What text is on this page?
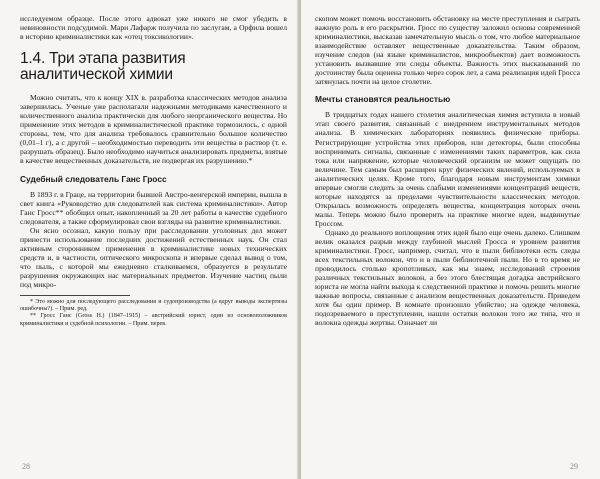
исследуемом образце. После этого адвокат уже никого не смог убедить в невиновности подсудимой. Мари Лафарж получила по заслугам, а Орфила вошел в историю криминалистики как «отец токсикологии».

1.4. Три этапа развития аналитической химии

Можно считать, что к концу XIX в. разработка классических методов анализа завершилась. Ученые уже располагали надежными методиками качественного и количественного анализа практически для любого неорганического вещества. Но применение этих методов в криминалистической практике тормозилось, с одной стороны, тем, что для анализа требовалось сравнительно большое количество (0,01–1 г), а с другой – необходимостью переводить эти вещества в раствор (т. е. разрушать образец). Было необходимо научиться анализировать предметы, взятые в качестве вещественных доказательств, не подвергая их разрушению.*

Судебный следователь Ганс Гросс

В 1893 г. в Граце, на территории бывшей Австро-венгерской империи, вышла в свет книга «Руководство для следователей как система криминалистики». Автор Ганс Гросс** обобщил опыт, накопленный за 20 лет работы в качестве судебного следователя, а также сформулировал свои взгляды на развитие криминалистики.

Он ясно осознал, какую пользу при расследовании уголовных дел может принести использование последних достижений естественных наук. Он стал активным сторонником применения в криминалистике новых технических средств и, в частности, оптического микроскопа и впервые сделал вывод о том, что пыль, с которой мы ежедневно сталкиваемся, образуется в результате разрушения окружающих нас материальных предметов. Изучение частиц пыли под микро-

* Это можно для последующего расследования и судопроизводства (а вдруг выводы экспертизы ошибочны?). – Прим. ред.

** Гросс Ганс (Gross H.) (1847–1915) – австрийский юрист, один из основоположников криминалистики и судебной психологии. – Прим. перев.

28

скопом может помочь восстановить обстановку на месте преступления и сыграть важную роль в его раскрытии. Гросс по существу заложил основы современной криминалистики, высказав замечательную мысль о том, что любое материальное взаимодействие оставляет вещественные доказательства. Таким образом, изучение следов (на языке криминалистов, микрообъектов) дает возможность установить вызвавшие эти следы объекты. Важность этих высказываний по достоинству была оценена только через сорок лет, а сама реализация идей Гросса затянулась почти на целое столетие.

Мечты становятся реальностью

В тридцатых годах нашего столетия аналитическая химия вступила в новый этап своего развития, связанный с внедрением инструментальных методов анализа. В химических лабораториях появились физические приборы. Регистрирующие устройства этих приборов, или детекторы, были способны воспринимать сигналы, связанные с изменениями таких параметров, как сила тока или напряжение, которые человеческий организм не может ощущать по величине. Тем самым был расширен круг физических явлений, используемых в аналитических целях. Кроме того, благодаря новым инструментам химики впервые смогли следить за очень слабыми изменениями концентраций веществ, которые находятся за пределами чувствительности классических методов. Открылась возможность определять вещества, концентрация которых очень малы. Теперь можно было проверить на практике многие идеи, выдвинутые Гроссом.

Однако до реального воплощения этих идей было еще очень далеко. Слишком велик оказался разрыв между глубиной мыслей Гросса и уровнем развития криминалистики. Гросс, например, считал, что в пыли библиотеки есть следы всех текстильных волокон, что и в пыли библиотечной пыли. Но в то время не проводилось столько кропотливых, как мы знаем, исследований строения различных текстильных волокон, а без этого блестящая догадка австрийского юриста не могла найти выхода к следственной практике и помочь решить многие важные вопросы, связанные с анализом вещественных доказательств. Приведем хотя бы один пример. В комнате произошло убийство; на одежде человека, подозреваемого в преступлении, нашли остатки волокон того же типа, что и волокна одежды жертвы. Означает ли

29
